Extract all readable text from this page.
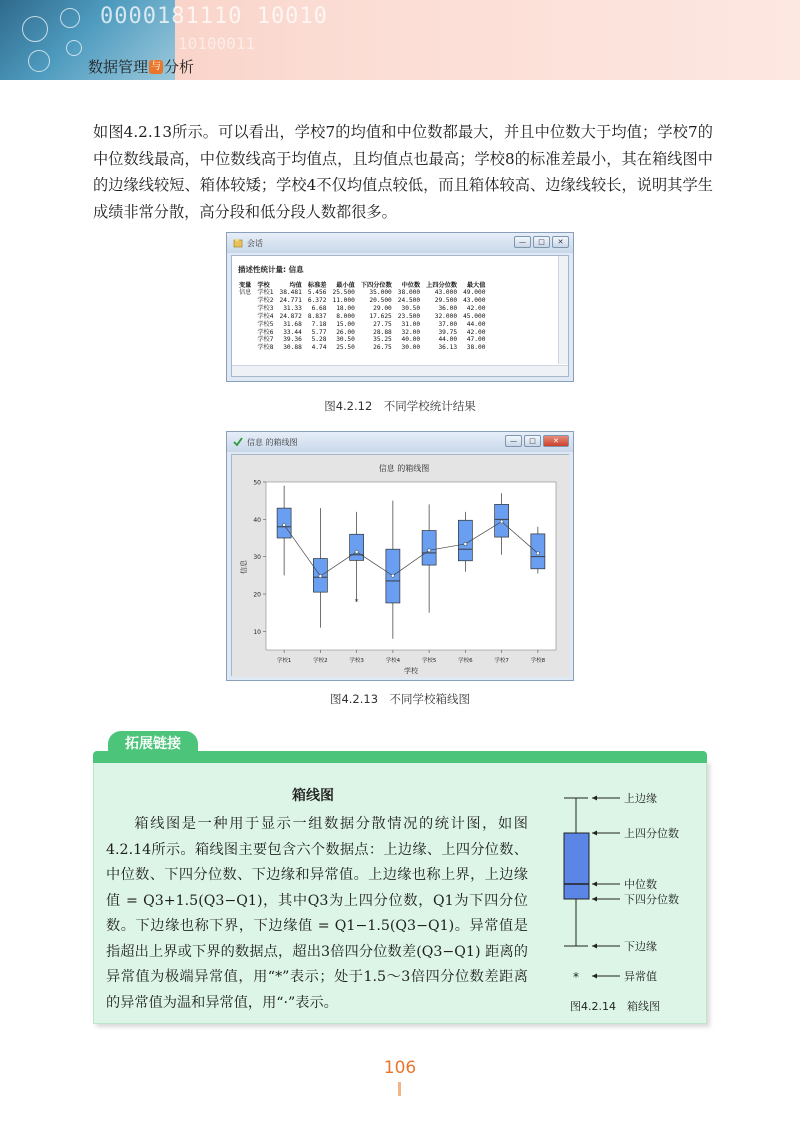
0000181110 10010
10100011
数据管理 与 分析

如图4.2.13所示。可以看出，学校7的均值和中位数都最大，并且中位数大于均值；学校7的中位数线最高，中位数线高于均值点，且均值点也最高；学校8的标准差最小，其在箱线图中的边缘线较短、箱体较矮；学校4不仅均值点较低，而且箱体较高、边缘线较长，说明其学生成绩非常分散，高分段和低分段人数都很多。

会话	—	□	✕
描述性统计量: 信息
变量	学校	均值	标准差	最小值	下四分位数	中位数	上四分位数	最大值
信息	学校1	38.481	5.456	25.500	35.000	38.000	43.000	49.000
	学校2	24.771	6.372	11.000	20.500	24.500	29.500	43.000
	学校3	31.33	6.68	18.00	29.00	30.50	36.00	42.00
	学校4	24.872	8.837	8.000	17.625	23.500	32.000	45.000
	学校5	31.68	7.18	15.00	27.75	31.00	37.00	44.00
	学校6	33.44	5.77	26.00	28.88	32.00	39.75	42.00
	学校7	39.36	5.28	30.50	35.25	40.00	44.00	47.00
	学校8	30.88	4.74	25.50	26.75	30.00	36.13	38.00
图4.2.12　不同学校统计结果
信息 的箱线图	—	□	✕
信息 的箱线图
信息
学校
10
20
30
40
50
学校1	学校2	学校3
*
学校4	学校5	学校6	学校7	学校8
图4.2.13　不同学校箱线图
拓展链接
箱线图

箱线图是一种用于显示一组数据分散情况的统计图，如图4.2.14所示。箱线图主要包含六个数据点：上边缘、上四分位数、中位数、下四分位数、下边缘和异常值。上边缘也称上界，上边缘值 = Q3+1.5(Q3−Q1)，其中Q3为上四分位数，Q1为下四分位数。下边缘也称下界，下边缘值 = Q1−1.5(Q3−Q1)。异常值是指超出上界或下界的数据点，超出3倍四分位数差(Q3−Q1) 距离的异常值为极端异常值，用“*”表示；处于1.5～3倍四分位数差距离的异常值为温和异常值，用“·”表示。

*
上边缘
上四分位数
中位数
下四分位数
下边缘
异常值
图4.2.14　箱线图
106
